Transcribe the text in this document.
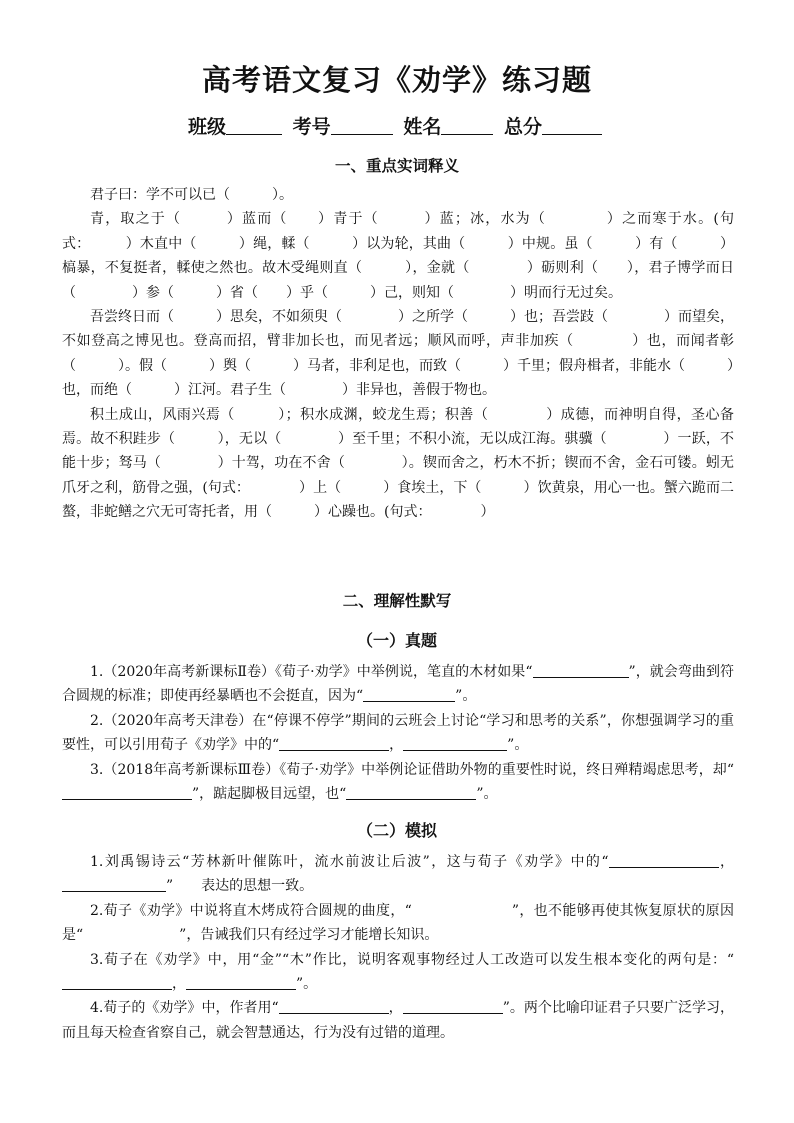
高考语文复习《劝学》练习题
班级	考号	姓名	总分
一、重点实词释义

君子曰：学不可以已（　　　）。

青，取之于（　　　）蓝而（　　）青于（　　　）蓝；冰，水为（　　　　）之而寒于水。(句式：　　　）木直中（　　　）绳，輮（　　　）以为轮，其曲（　　　）中规。虽（　　　）有（　　　）槁暴，不复挺者，輮使之然也。故木受绳则直（　　　），金就（　　　　）砺则利（　　），君子博学而日（　　　　）参（　　　）省（　　）乎（　　　）己，则知（　　　　）明而行无过矣。

吾尝终日而（　　　）思矣，不如须臾（　　　　）之所学（　　　）也；吾尝跂（　　　　）而望矣，不如登高之博见也。登高而招，臂非加长也，而见者远；顺风而呼，声非加疾（　　　　）也，而闻者彰（　　　）。假（　　　）舆（　　　）马者，非利足也，而致（　　　）千里；假舟楫者，非能水（　　　）也，而绝（　　　）江河。君子生（　　　　）非异也，善假于物也。

积土成山，风雨兴焉（　　　）；积水成渊，蛟龙生焉；积善（　　　　）成德，而神明自得，圣心备焉。故不积跬步（　　　），无以（　　　　）至千里；不积小流，无以成江海。骐骥（　　　　）一跃，不能十步；驽马（　　　　）十驾，功在不舍（　　　　）。锲而舍之，朽木不折；锲而不舍，金石可镂。蚓无爪牙之利，筋骨之强，(句式：　　　　）上（　　　）食埃土，下（　　　）饮黄泉，用心一也。蟹六跪而二螯，非蛇鳝之穴无可寄托者，用（　　　）心躁也。(句式：　　　　）

二、理解性默写
（一）真题

1.（2020年高考新课标Ⅱ卷）《荀子·劝学》中举例说，笔直的木材如果“	”，就会弯曲到符合圆规的标准；即使再经暴晒也不会挺直，因为“	”。

2.（2020年高考天津卷）在“停课不停学”期间的云班会上讨论“学习和思考的关系”，你想强调学习的重要性，可以引用荀子《劝学》中的“	，	”。

3.（2018年高考新课标Ⅲ卷）《荀子·劝学》中举例论证借助外物的重要性时说，终日殚精竭虑思考，却“”，踮起脚极目远望，也“	”。

（二）模拟

1.刘禹锡诗云“芳林新叶催陈叶，流水前波让后波”，这与荀子《劝学》中的“	，”　　表达的思想一致。

2.荀子《劝学》中说将直木烤成符合圆规的曲度，“	”，也不能够再使其恢复原状的原因是“	”，告诫我们只有经过学习才能增长知识。

3.荀子在《劝学》中，用“金”“木”作比，说明客观事物经过人工改造可以发生根本变化的两句是：“，	”。

4.荀子的《劝学》中，作者用“	，	”。两个比喻印证君子只要广泛学习，而且每天检查省察自己，就会智慧通达，行为没有过错的道理。
